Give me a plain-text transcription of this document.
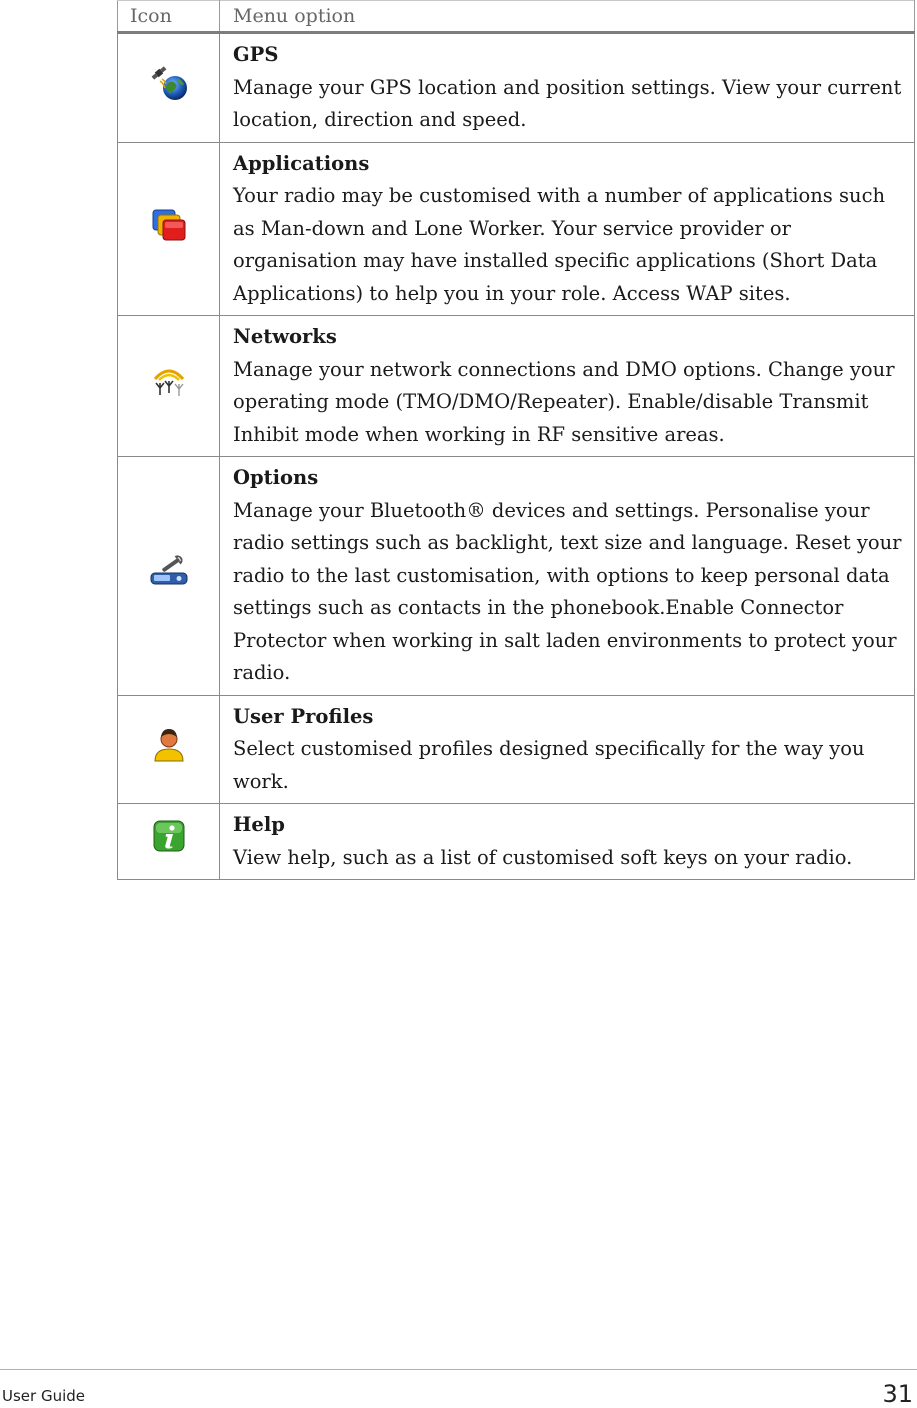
Icon	Menu option

GPS
Manage your GPS location and position settings. View your current location, direction and speed.

Applications
Your radio may be customised with a number of applications such as Man-down and Lone Worker. Your service provider or organisation may have installed specific applications (Short Data Applications) to help you in your role. Access WAP sites.

Networks
Manage your network connections and DMO options. Change your operating mode (TMO/DMO/Repeater). Enable/disable Transmit Inhibit mode when working in RF sensitive areas.

Options
Manage your Bluetooth® devices and settings. Personalise your radio settings such as backlight, text size and language. Reset your radio to the last customisation, with options to keep personal data settings such as contacts in the phonebook.Enable Connector Protector when working in salt laden environments to protect your radio.

User Profiles
Select customised profiles designed specifically for the way you work.

Help
View help, such as a list of customised soft keys on your radio.
User Guide	31
